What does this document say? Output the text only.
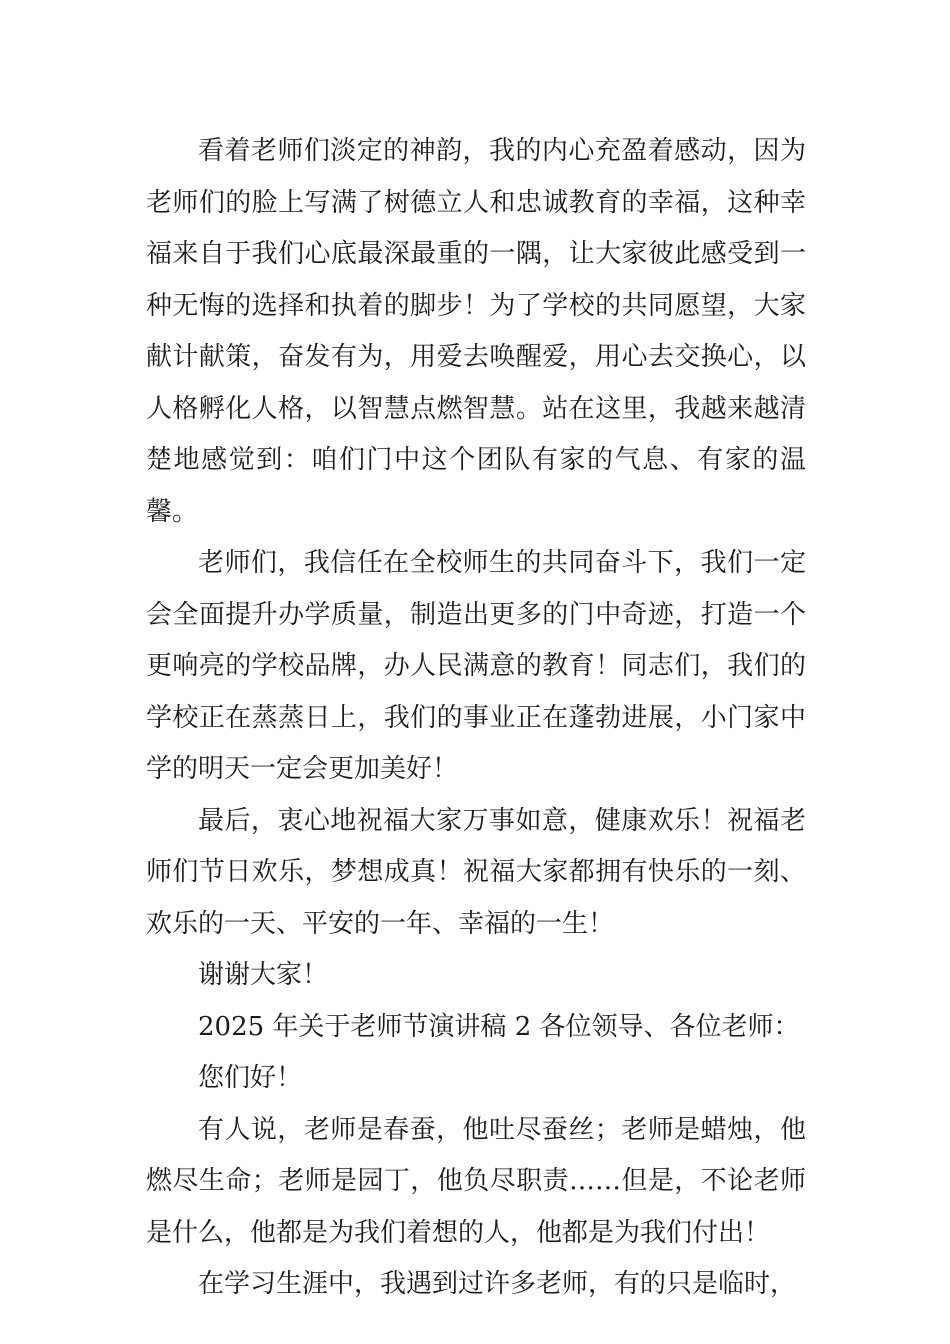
看着老师们淡定的神韵，我的内心充盈着感动，因为老师们的脸上写满了树德立人和忠诚教育的幸福，这种幸福来自于我们心底最深最重的一隅，让大家彼此感受到一种无悔的选择和执着的脚步！为了学校的共同愿望，大家献计献策，奋发有为，用爱去唤醒爱，用心去交换心，以人格孵化人格，以智慧点燃智慧。站在这里，我越来越清楚地感觉到：咱们门中这个团队有家的气息、有家的温馨。

老师们，我信任在全校师生的共同奋斗下，我们一定会全面提升办学质量，制造出更多的门中奇迹，打造一个更响亮的学校品牌，办人民满意的教育！同志们，我们的学校正在蒸蒸日上，我们的事业正在蓬勃进展，小门家中学的明天一定会更加美好！

最后，衷心地祝福大家万事如意，健康欢乐！祝福老师们节日欢乐，梦想成真！祝福大家都拥有快乐的一刻、欢乐的一天、平安的一年、幸福的一生！

谢谢大家！

2025 年关于老师节演讲稿 2 各位领导、各位老师：

您们好！

有人说，老师是春蚕，他吐尽蚕丝；老师是蜡烛，他燃尽生命；老师是园丁，他负尽职责……但是，不论老师是什么，他都是为我们着想的人，他都是为我们付出！

在学习生涯中，我遇到过许多老师，有的只是临时，
